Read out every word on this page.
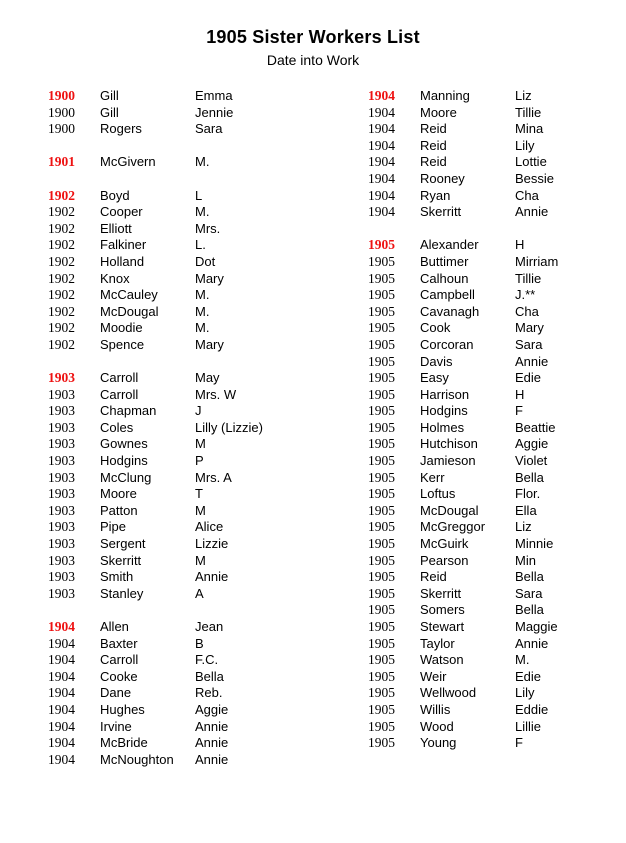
1905 Sister Workers List
Date into Work
1900	Gill	Emma
1900	Gill	Jennie
1900	Rogers	Sara
1901	McGivern	M.
1902	Boyd	L
1902	Cooper	M.
1902	Elliott	Mrs.
1902	Falkiner	L.
1902	Holland	Dot
1902	Knox	Mary
1902	McCauley	M.
1902	McDougal	M.
1902	Moodie	M.
1902	Spence	Mary
1903	Carroll	May
1903	Carroll	Mrs. W
1903	Chapman	J
1903	Coles	Lilly (Lizzie)
1903	Gownes	M
1903	Hodgins	P
1903	McClung	Mrs. A
1903	Moore	T
1903	Patton	M
1903	Pipe	Alice
1903	Sergent	Lizzie
1903	Skerritt	M
1903	Smith	Annie
1903	Stanley	A
1904	Allen	Jean
1904	Baxter	B
1904	Carroll	F.C.
1904	Cooke	Bella
1904	Dane	Reb.
1904	Hughes	Aggie
1904	Irvine	Annie
1904	McBride	Annie
1904	McNoughton	Annie
1904	Manning	Liz
1904	Moore	Tillie
1904	Reid	Mina
1904	Reid	Lily
1904	Reid	Lottie
1904	Rooney	Bessie
1904	Ryan	Cha
1904	Skerritt	Annie
1905	Alexander	H
1905	Buttimer	Mirriam
1905	Calhoun	Tillie
1905	Campbell	J.**
1905	Cavanagh	Cha
1905	Cook	Mary
1905	Corcoran	Sara
1905	Davis	Annie
1905	Easy	Edie
1905	Harrison	H
1905	Hodgins	F
1905	Holmes	Beattie
1905	Hutchison	Aggie
1905	Jamieson	Violet
1905	Kerr	Bella
1905	Loftus	Flor.
1905	McDougal	Ella
1905	McGreggor	Liz
1905	McGuirk	Minnie
1905	Pearson	Min
1905	Reid	Bella
1905	Skerritt	Sara
1905	Somers	Bella
1905	Stewart	Maggie
1905	Taylor	Annie
1905	Watson	M.
1905	Weir	Edie
1905	Wellwood	Lily
1905	Willis	Eddie
1905	Wood	Lillie
1905	Young	F
